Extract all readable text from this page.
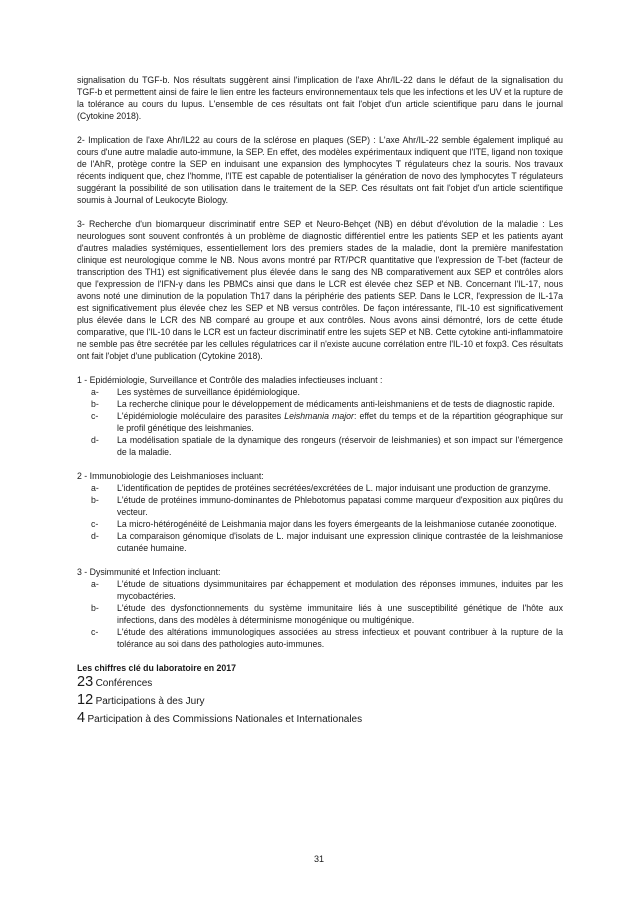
signalisation du TGF-b. Nos résultats suggèrent ainsi l'implication de l'axe Ahr/IL-22 dans le défaut de la signalisation du TGF-b et permettent ainsi de faire le lien entre les facteurs environnementaux tels que les infections et les UV et la rupture de la tolérance au cours du lupus. L'ensemble de ces résultats ont fait l'objet d'un article scientifique paru dans le journal (Cytokine 2018).

2- Implication de l'axe Ahr/IL22 au cours de la sclérose en plaques (SEP) : L'axe Ahr/IL-22 semble également impliqué au cours d'une autre maladie auto-immune, la SEP. En effet, des modèles expérimentaux indiquent que l'ITE, ligand non toxique de l'AhR, protège contre la SEP en induisant une expansion des lymphocytes T régulateurs chez la souris. Nos travaux récents indiquent que, chez l'homme, l'ITE est capable de potentialiser la génération de novo des lymphocytes T régulateurs suggérant la possibilité de son utilisation dans le traitement de la SEP. Ces résultats ont fait l'objet d'un article scientifique soumis à Journal of Leukocyte Biology.

3- Recherche d'un biomarqueur discriminatif entre SEP et Neuro-Behçet (NB) en début d'évolution de la maladie : Les neurologues sont souvent confrontés à un problème de diagnostic différentiel entre les patients SEP et les patients ayant d'autres maladies systémiques, essentiellement lors des premiers stades de la maladie, dont la première manifestation clinique est neurologique comme le NB. Nous avons montré par RT/PCR quantitative que l'expression de T-bet (facteur de transcription des TH1) est significativement plus élevée dans le sang des NB comparativement aux SEP et contrôles alors que l'expression de l'IFN-γ dans les PBMCs ainsi que dans le LCR est élevée chez SEP et NB. Concernant l'IL-17, nous avons noté une diminution de la population Th17 dans la périphérie des patients SEP. Dans le LCR, l'expression de IL-17a est significativement plus élevée chez les SEP et NB versus contrôles. De façon intéressante, l'IL-10 est significativement plus élevée dans le LCR des NB comparé au groupe et aux contrôles. Nous avons ainsi démontré, lors de cette étude comparative, que l'IL-10 dans le LCR est un facteur discriminatif entre les sujets SEP et NB. Cette cytokine anti-inflammatoire ne semble pas être secrétée par les cellules régulatrices car il n'existe aucune corrélation entre l'IL-10 et foxp3. Ces résultats ont fait l'objet d'une publication (Cytokine 2018).

1 - Epidémiologie, Surveillance et Contrôle des maladies infectieuses incluant :
a-	Les systèmes de surveillance épidémiologique.
b-	La recherche clinique pour le développement de médicaments anti-leishmaniens et de tests de diagnostic rapide.
c-	L'épidémiologie moléculaire des parasites Leishmania major: effet du temps et de la répartition géographique sur le profil génétique des leishmanies.
d-	La modélisation spatiale de la dynamique des rongeurs (réservoir de leishmanies) et son impact sur l'émergence de la maladie.
2 - Immunobiologie des Leishmanioses incluant:
a-	L'identification de peptides de protéines secrétées/excrétées de L. major induisant une production de granzyme.
b-	L'étude de protéines immuno-dominantes de Phlebotomus papatasi comme marqueur d'exposition aux piqûres du vecteur.
c-	La micro-hétérogénéité de Leishmania major dans les foyers émergeants de la leishmaniose cutanée zoonotique.
d-	La comparaison génomique d'isolats de L. major induisant une expression clinique contrastée de la leishmaniose cutanée humaine.
3 - Dysimmunité et Infection incluant:
a-	L'étude de situations dysimmunitaires par échappement et modulation des réponses immunes, induites par les mycobactéries.
b-	L'étude des dysfonctionnements du système immunitaire liés à une susceptibilité génétique de l'hôte aux infections, dans des modèles à déterminisme monogénique ou multigénique.
c-	L'étude des altérations immunologiques associées au stress infectieux et pouvant contribuer à la rupture de la tolérance au soi dans des pathologies auto-immunes.
Les chiffres clé du laboratoire en 2017
23 Conférences
12 Participations à des Jury
4 Participation à des Commissions Nationales et Internationales
31
